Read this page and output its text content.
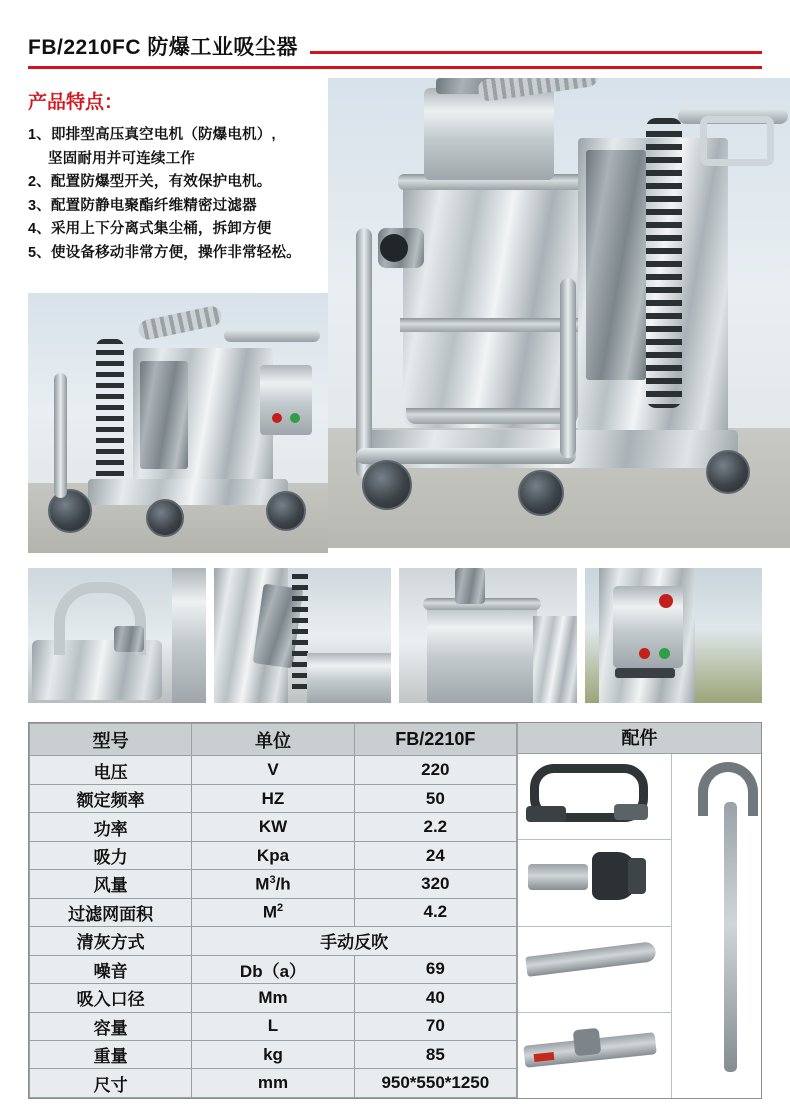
FB/2210FC 防爆工业吸尘器
产品特点：
1、即排型高压真空电机（防爆电机）,
坚固耐用并可连续工作
2、配置防爆型开关，有效保护电机。
3、配置防静电聚酯纤维精密过滤器
4、采用上下分离式集尘桶，拆卸方便
5、使设备移动非常方便，操作非常轻松。
型号	单位	FB/2210F
电压	V	220
额定频率	HZ	50
功率	KW	2.2
吸力	Kpa	24
风量	$M^3/h$	320
过滤网面积	$M^2$	4.2
清灰方式	手动反吹	
噪音	Db（a）	69
吸入口径	Mm	40
容量	L	70
重量	kg	85
尺寸	mm	950*550*1250
配件
